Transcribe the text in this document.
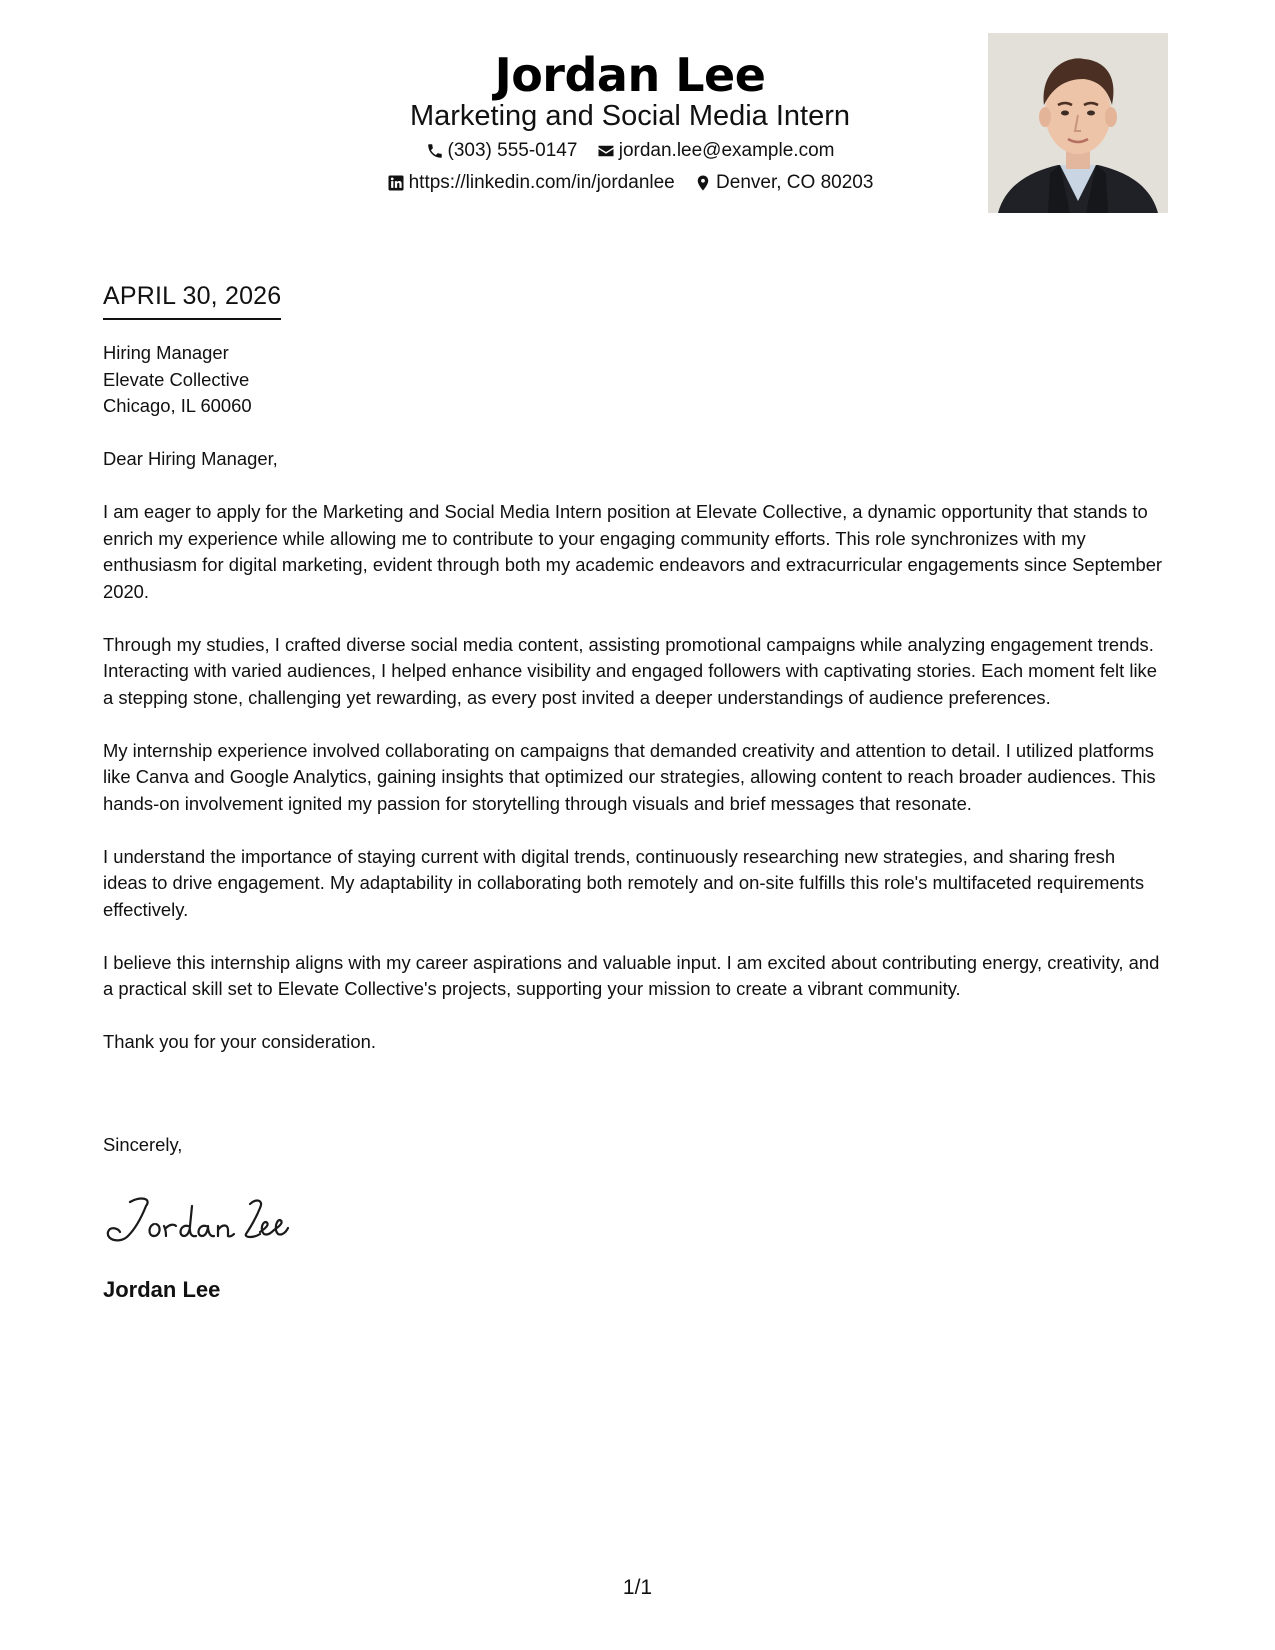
Jordan Lee
Marketing and Social Media Intern
(303) 555-0147
jordan.lee@example.com
https://linkedin.com/in/jordanlee
Denver, CO 80203
APRIL 30, 2026
Hiring Manager
Elevate Collective
Chicago, IL 60060

Dear Hiring Manager,

I am eager to apply for the Marketing and Social Media Intern position at Elevate Collective, a dynamic opportunity that stands to enrich my experience while allowing me to contribute to your engaging community efforts. This role synchronizes with my enthusiasm for digital marketing, evident through both my academic endeavors and extracurricular engagements since September 2020.

Through my studies, I crafted diverse social media content, assisting promotional campaigns while analyzing engagement trends. Interacting with varied audiences, I helped enhance visibility and engaged followers with captivating stories. Each moment felt like a stepping stone, challenging yet rewarding, as every post invited a deeper understandings of audience preferences.

My internship experience involved collaborating on campaigns that demanded creativity and attention to detail. I utilized platforms like Canva and Google Analytics, gaining insights that optimized our strategies, allowing content to reach broader audiences. This hands-on involvement ignited my passion for storytelling through visuals and brief messages that resonate.

I understand the importance of staying current with digital trends, continuously researching new strategies, and sharing fresh ideas to drive engagement. My adaptability in collaborating both remotely and on-site fulfills this role's multifaceted requirements effectively.

I believe this internship aligns with my career aspirations and valuable input. I am excited about contributing energy, creativity, and a practical skill set to Elevate Collective's projects, supporting your mission to create a vibrant community.

Thank you for your consideration.

Sincerely,
Jordan Lee
1/1
